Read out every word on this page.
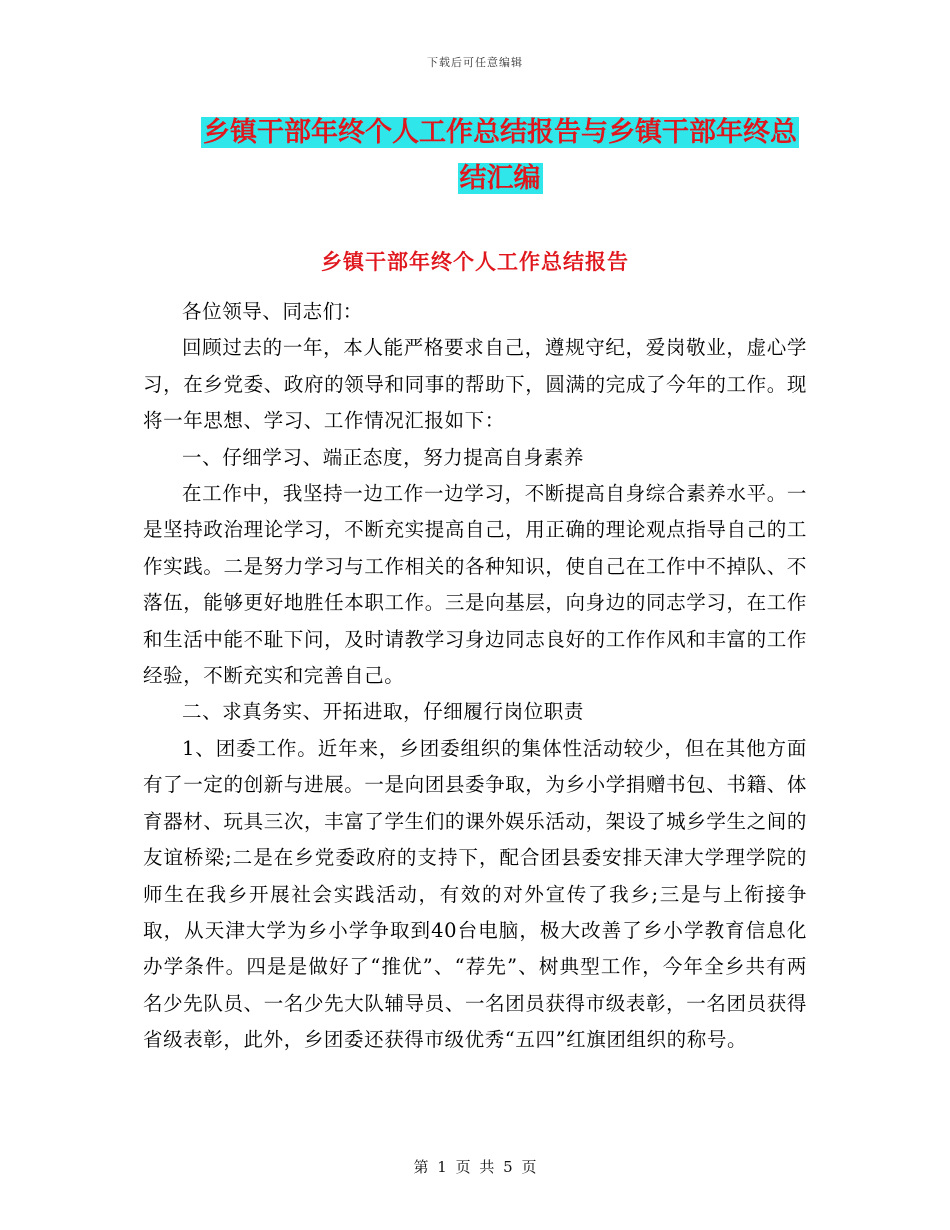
下载后可任意编辑
乡镇干部年终个人工作总结报告与乡镇干部年终总结汇编
乡镇干部年终个人工作总结报告

各位领导、同志们：

回顾过去的一年，本人能严格要求自己，遵规守纪，爱岗敬业，虚心学习，在乡党委、政府的领导和同事的帮助下，圆满的完成了今年的工作。现将一年思想、学习、工作情况汇报如下：

一、仔细学习、端正态度，努力提高自身素养

在工作中，我坚持一边工作一边学习，不断提高自身综合素养水平。一是坚持政治理论学习，不断充实提高自己，用正确的理论观点指导自己的工作实践。二是努力学习与工作相关的各种知识，使自己在工作中不掉队、不落伍，能够更好地胜任本职工作。三是向基层，向身边的同志学习，在工作和生活中能不耻下问，及时请教学习身边同志良好的工作作风和丰富的工作经验，不断充实和完善自己。

二、求真务实、开拓进取，仔细履行岗位职责

1、团委工作。近年来，乡团委组织的集体性活动较少，但在其他方面有了一定的创新与进展。一是向团县委争取，为乡小学捐赠书包、书籍、体育器材、玩具三次，丰富了学生们的课外娱乐活动，架设了城乡学生之间的友谊桥梁;二是在乡党委政府的支持下，配合团县委安排天津大学理学院的师生在我乡开展社会实践活动，有效的对外宣传了我乡;三是与上衔接争取，从天津大学为乡小学争取到40台电脑，极大改善了乡小学教育信息化办学条件。四是是做好了“推优”、“荐先”、树典型工作，今年全乡共有两名少先队员、一名少先大队辅导员、一名团员获得市级表彰，一名团员获得省级表彰，此外，乡团委还获得市级优秀“五四”红旗团组织的称号。

第 1 页 共 5 页
